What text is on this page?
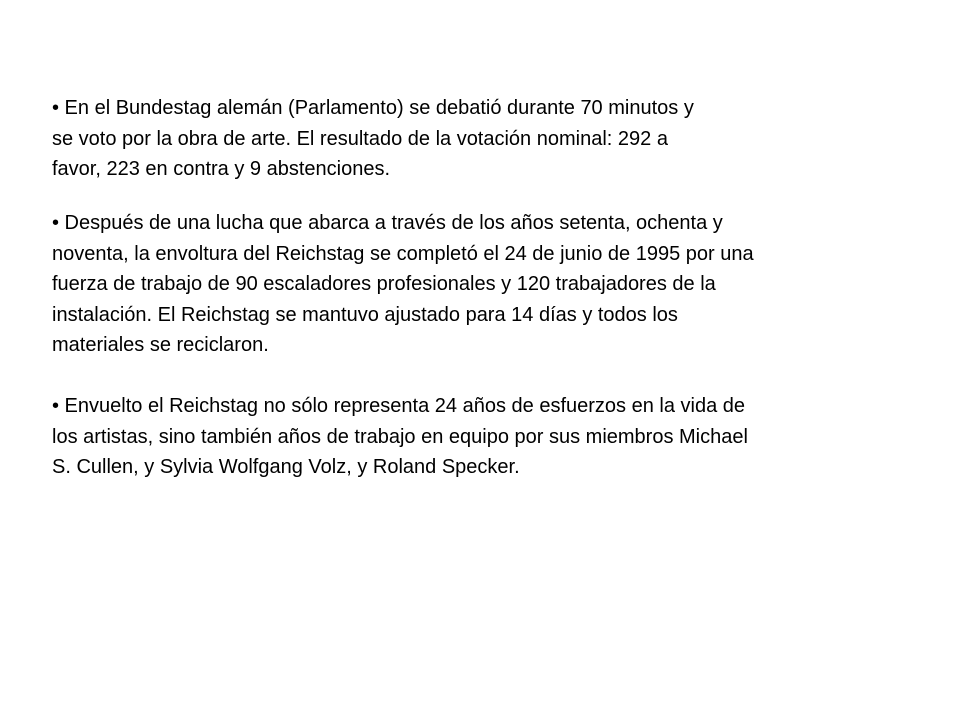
• En el Bundestag alemán (Parlamento) se debatió durante 70 minutos y
se voto por la obra de arte. El resultado de la votación nominal: 292 a
favor, 223 en contra y 9 abstenciones.

• Después de una lucha que abarca a través de los años setenta, ochenta y
noventa, la envoltura del Reichstag se completó el 24 de junio de 1995 por una
fuerza de trabajo de 90 escaladores profesionales y 120 trabajadores de la
instalación. El Reichstag se mantuvo ajustado para 14 días y todos los
materiales se reciclaron.

• Envuelto el Reichstag no sólo representa 24 años de esfuerzos en la vida de
los artistas, sino también años de trabajo en equipo por sus miembros Michael
S. Cullen, y Sylvia Wolfgang Volz, y Roland Specker.
